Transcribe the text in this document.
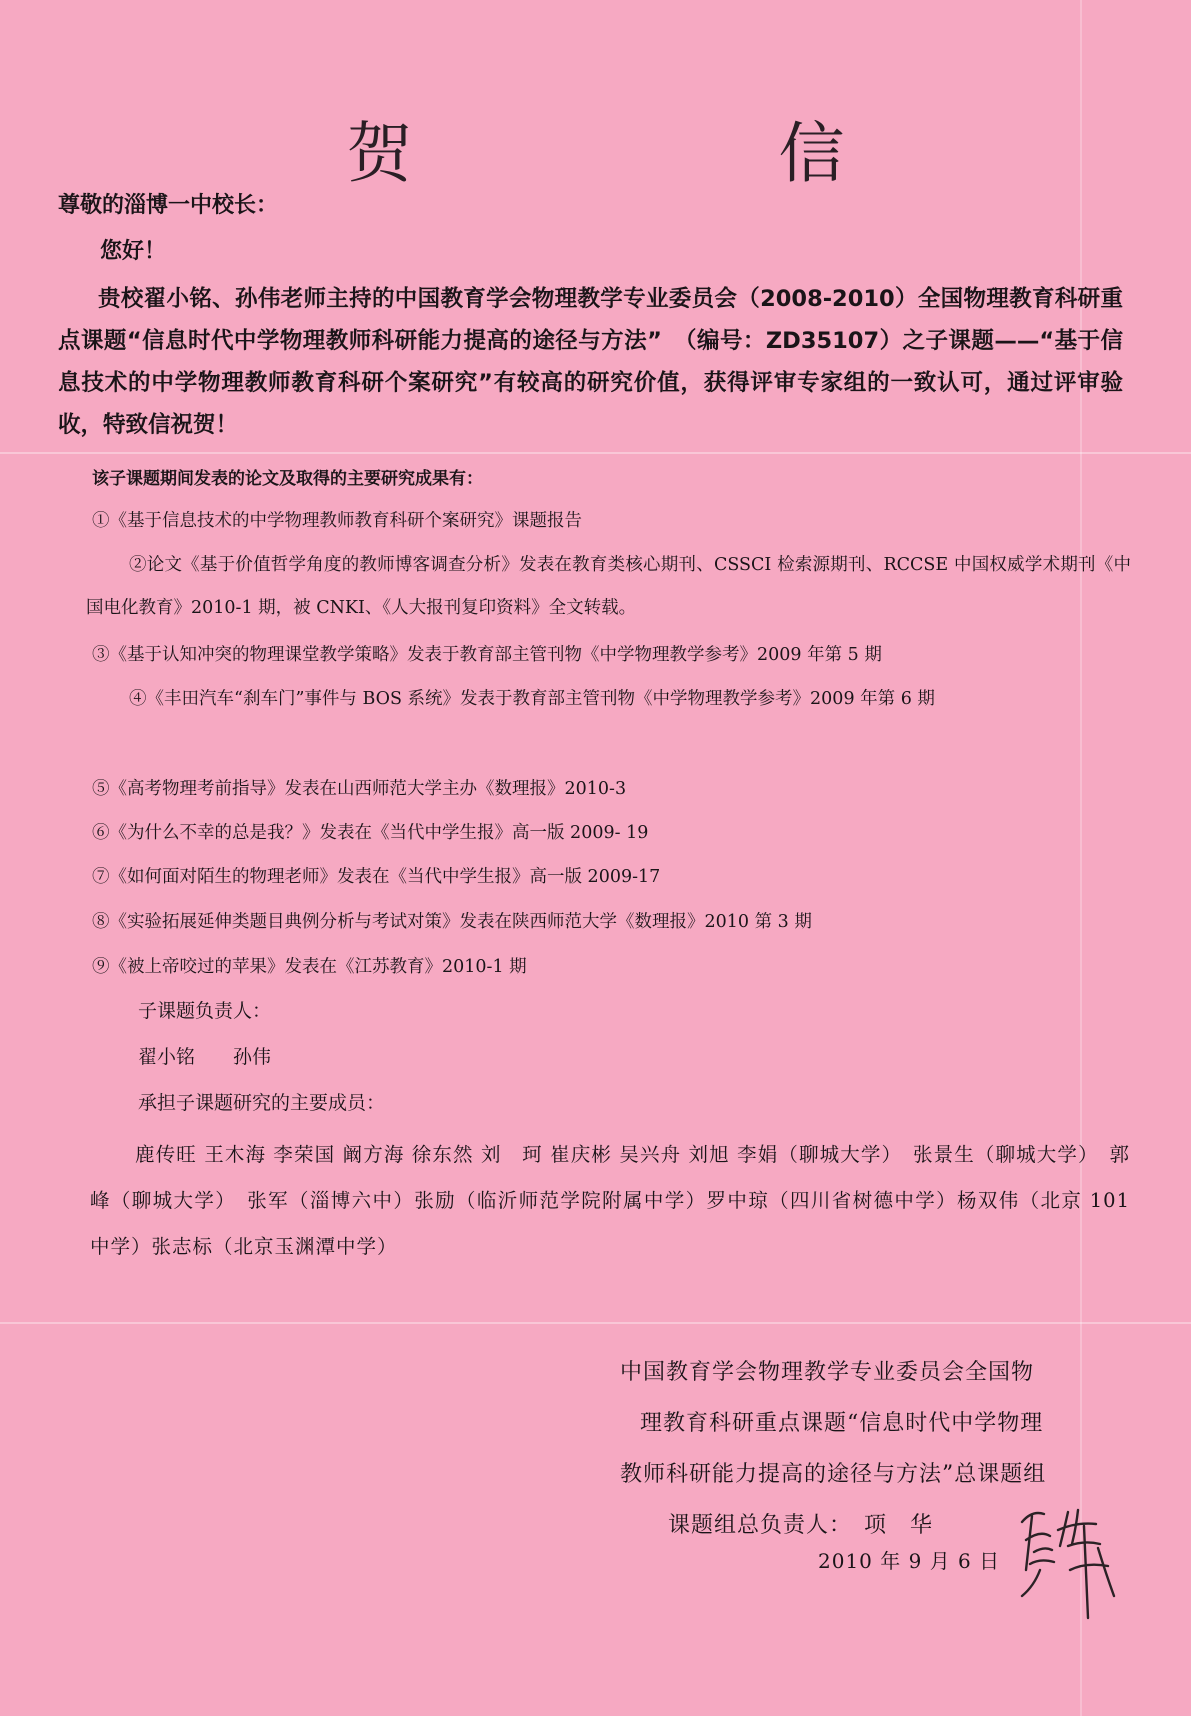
贺　信
尊敬的淄博一中校长：
您好！
贵校翟小铭、孙伟老师主持的中国教育学会物理教学专业委员会（2008-2010）全国物理教育科研重点课题“信息时代中学物理教师科研能力提高的途径与方法”　（编号：ZD35107）之子课题——“基于信息技术的中学物理教师教育科研个案研究”有较高的研究价值，获得评审专家组的一致认可，通过评审验收，特致信祝贺！
该子课题期间发表的论文及取得的主要研究成果有：
①《基于信息技术的中学物理教师教育科研个案研究》课题报告
②论文《基于价值哲学角度的教师博客调查分析》发表在教育类核心期刊、CSSCI 检索源期刊、RCCSE 中国权威学术期刊《中国电化教育》2010-1 期，被 CNKI、《人大报刊复印资料》全文转载。
③《基于认知冲突的物理课堂教学策略》发表于教育部主管刊物《中学物理教学参考》2009 年第 5 期
④《丰田汽车“刹车门”事件与 BOS 系统》发表于教育部主管刊物《中学物理教学参考》2009 年第 6 期
⑤《高考物理考前指导》发表在山西师范大学主办《数理报》2010-3
⑥《为什么不幸的总是我？》发表在《当代中学生报》高一版 2009- 19
⑦《如何面对陌生的物理老师》发表在《当代中学生报》高一版 2009-17
⑧《实验拓展延伸类题目典例分析与考试对策》发表在陕西师范大学《数理报》2010 第 3 期
⑨《被上帝咬过的苹果》发表在《江苏教育》2010-1 期
子课题负责人：
翟小铭　　孙伟
承担子课题研究的主要成员：
鹿传旺 王木海 李荣国 阚方海 徐东然 刘　珂 崔庆彬 吴兴舟 刘旭 李娟（聊城大学）　张景生（聊城大学）　郭峰（聊城大学）　张军（淄博六中）张励（临沂师范学院附属中学）罗中琼（四川省树德中学）杨双伟（北京 101 中学）张志标（北京玉渊潭中学）
中国教育学会物理教学专业委员会全国物
理教育科研重点课题“信息时代中学物理
教师科研能力提高的途径与方法”总课题组
课题组总负责人：　项　华
2010 年 9 月 6 日
